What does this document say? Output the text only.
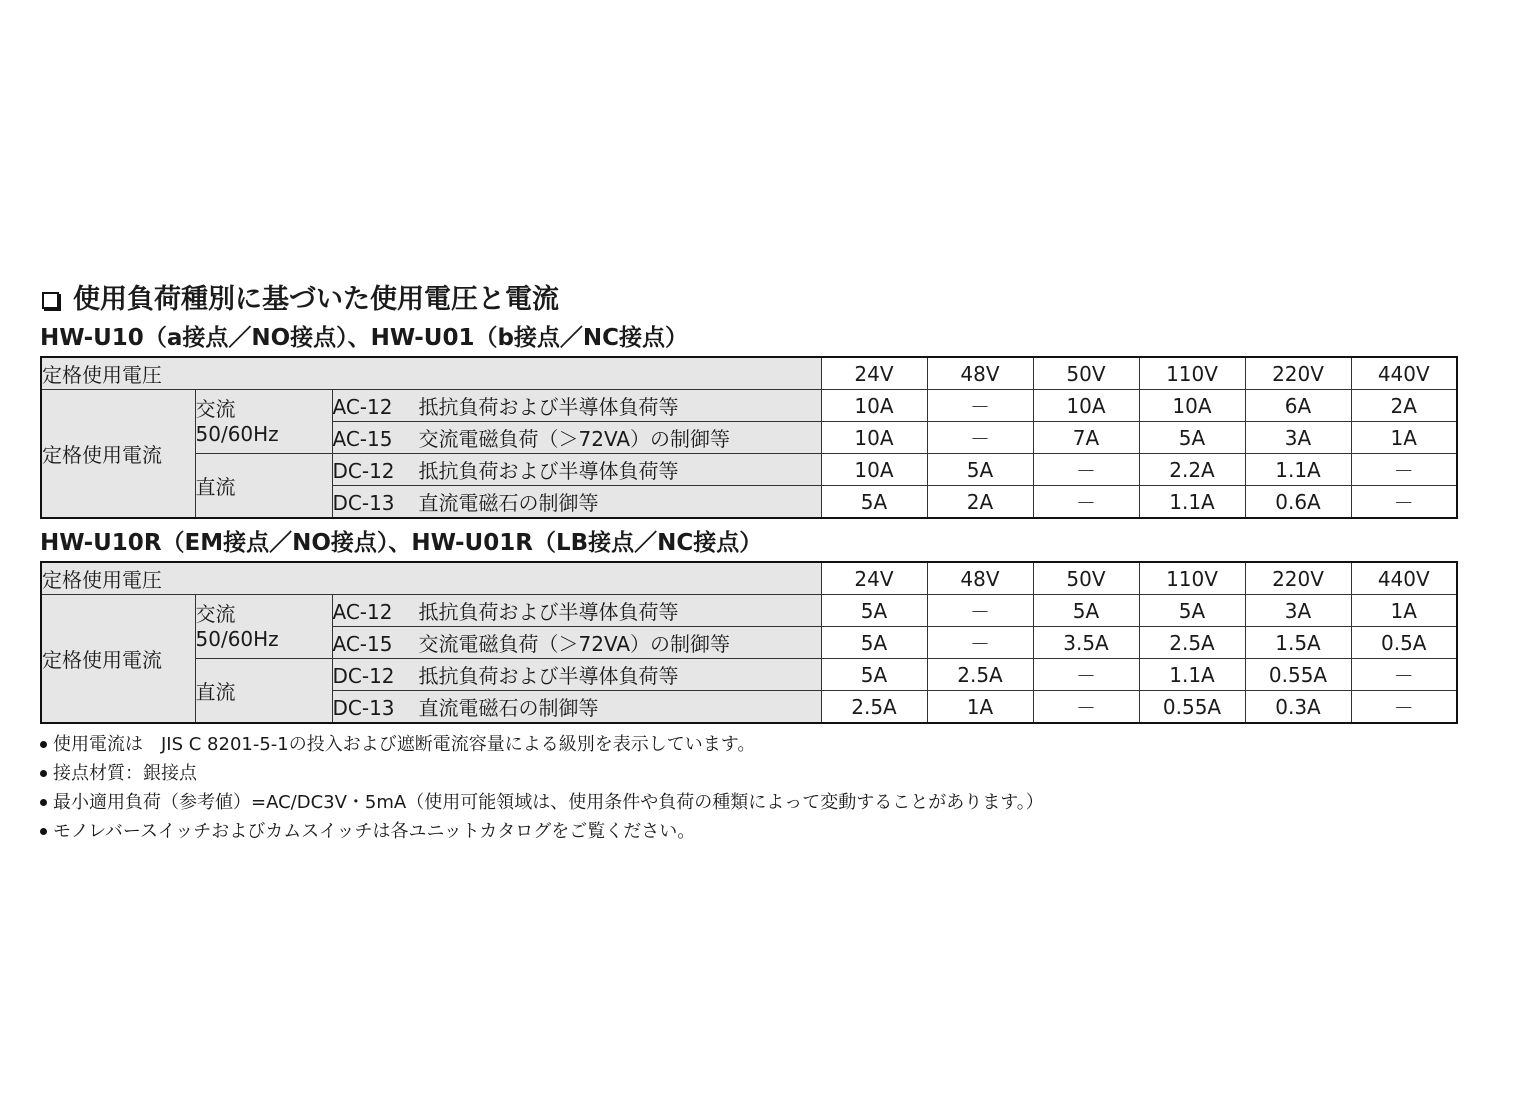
使用負荷種別に基づいた使用電圧と電流
HW-U10（a接点／NO接点）、HW-U01（b接点／NC接点）
定格使用電圧			24V	48V	50V	110V	220V	440V
定格使用電流	交流	AC-12 抵抗負荷および半導体負荷等	10A	－	10A	10A	6A	2A
	50/60Hz	AC-15 交流電磁負荷（＞72VA）の制御等	10A	－	7A	5A	3A	1A
	直流	DC-12 抵抗負荷および半導体負荷等	10A	5A	－	2.2A	1.1A	－
		DC-13 直流電磁石の制御等	5A	2A	－	1.1A	0.6A	－
HW-U10R（EM接点／NO接点）、HW-U01R（LB接点／NC接点）
定格使用電圧			24V	48V	50V	110V	220V	440V
定格使用電流	交流	AC-12 抵抗負荷および半導体負荷等	5A	－	5A	5A	3A	1A
	50/60Hz	AC-15 交流電磁負荷（＞72VA）の制御等	5A	－	3.5A	2.5A	1.5A	0.5A
	直流	DC-12 抵抗負荷および半導体負荷等	5A	2.5A	－	1.1A	0.55A	－
		DC-13 直流電磁石の制御等	2.5A	1A	－	0.55A	0.3A	－
使用電流は　JIS C 8201-5-1の投入および遮断電流容量による級別を表示しています。
接点材質：銀接点
最小適用負荷（参考値）=AC/DC3V・5mA（使用可能領域は、使用条件や負荷の種類によって変動することがあります。）
モノレバースイッチおよびカムスイッチは各ユニットカタログをご覧ください。
